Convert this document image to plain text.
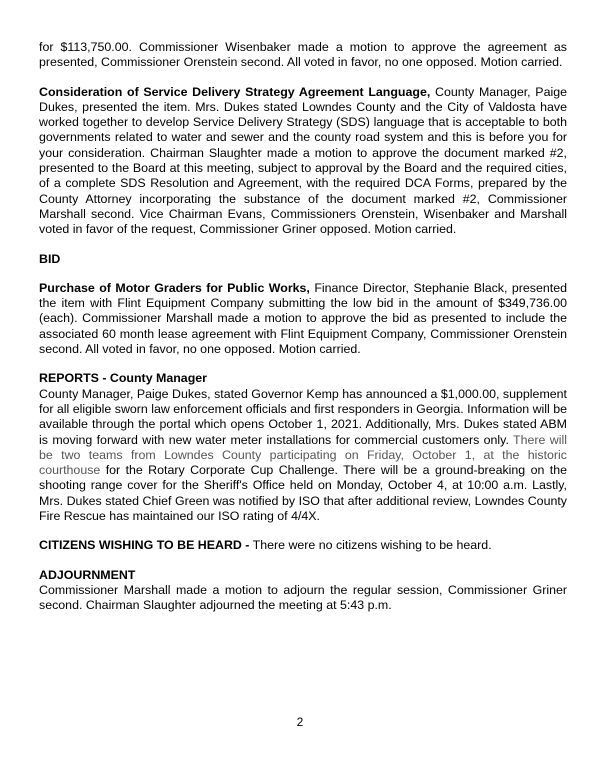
for $113,750.00. Commissioner Wisenbaker made a motion to approve the agreement as presented, Commissioner Orenstein second. All voted in favor, no one opposed. Motion carried.

Consideration of Service Delivery Strategy Agreement Language, County Manager, Paige Dukes, presented the item. Mrs. Dukes stated Lowndes County and the City of Valdosta have worked together to develop Service Delivery Strategy (SDS) language that is acceptable to both governments related to water and sewer and the county road system and this is before you for your consideration. Chairman Slaughter made a motion to approve the document marked #2, presented to the Board at this meeting, subject to approval by the Board and the required cities, of a complete SDS Resolution and Agreement, with the required DCA Forms, prepared by the County Attorney incorporating the substance of the document marked #2, Commissioner Marshall second. Vice Chairman Evans, Commissioners Orenstein, Wisenbaker and Marshall voted in favor of the request, Commissioner Griner opposed. Motion carried.

BID

Purchase of Motor Graders for Public Works, Finance Director, Stephanie Black, presented the item with Flint Equipment Company submitting the low bid in the amount of $349,736.00 (each). Commissioner Marshall made a motion to approve the bid as presented to include the associated 60 month lease agreement with Flint Equipment Company, Commissioner Orenstein second. All voted in favor, no one opposed. Motion carried.

REPORTS - County Manager
County Manager, Paige Dukes, stated Governor Kemp has announced a $1,000.00, supplement for all eligible sworn law enforcement officials and first responders in Georgia. Information will be available through the portal which opens October 1, 2021. Additionally, Mrs. Dukes stated ABM is moving forward with new water meter installations for commercial customers only. There will be two teams from Lowndes County participating on Friday, October 1, at the historic courthouse for the Rotary Corporate Cup Challenge. There will be a ground-breaking on the shooting range cover for the Sheriff's Office held on Monday, October 4, at 10:00 a.m. Lastly, Mrs. Dukes stated Chief Green was notified by ISO that after additional review, Lowndes County Fire Rescue has maintained our ISO rating of 4/4X.

CITIZENS WISHING TO BE HEARD - There were no citizens wishing to be heard.

ADJOURNMENT
Commissioner Marshall made a motion to adjourn the regular session, Commissioner Griner second. Chairman Slaughter adjourned the meeting at 5:43 p.m.

2
